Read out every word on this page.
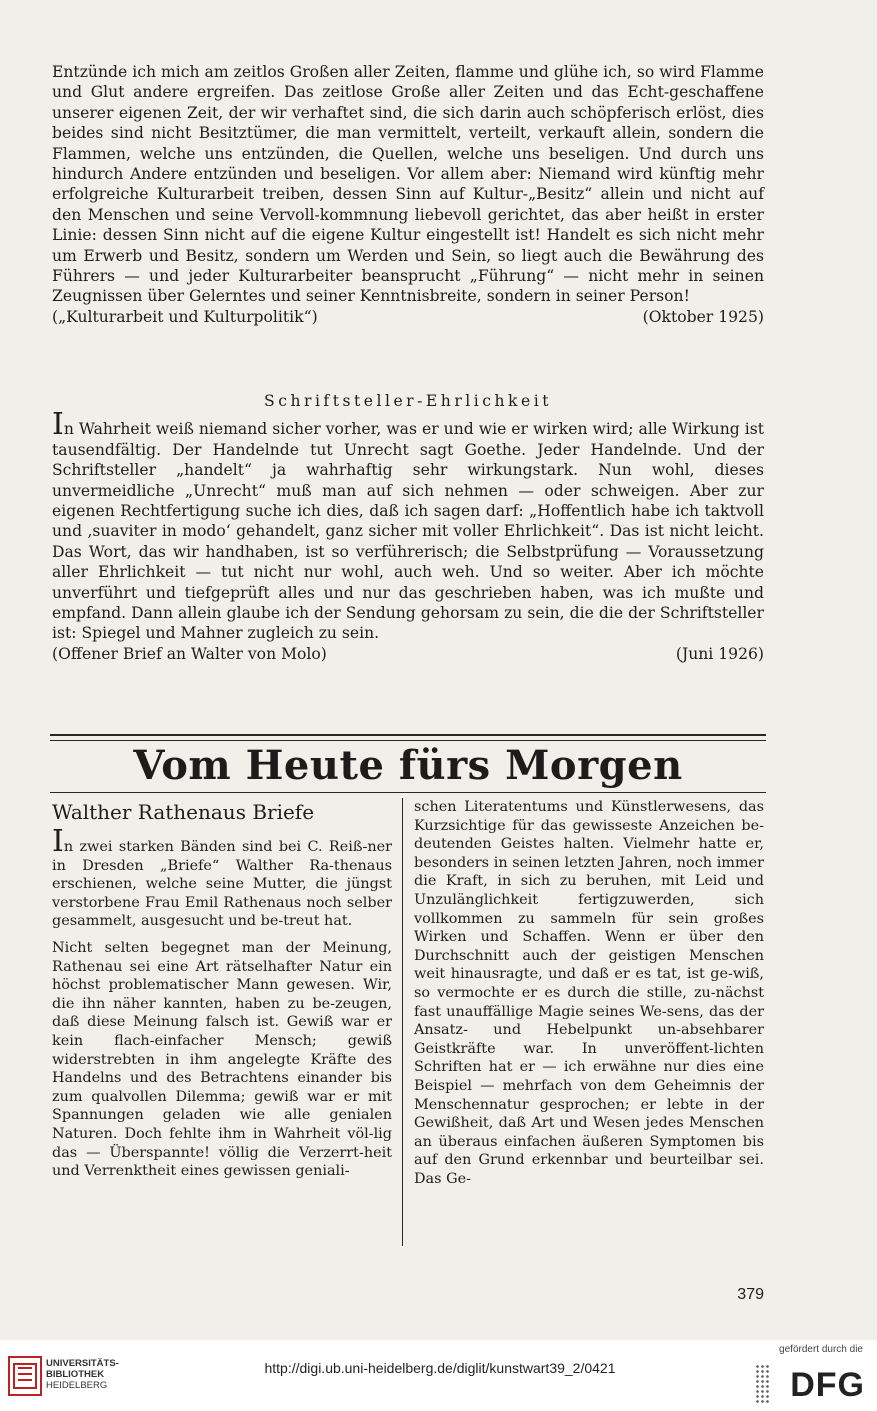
Entzünde ich mich am zeitlos Großen aller Zeiten, flamme und glühe ich, so wird Flamme und Glut andere ergreifen. Das zeitlose Große aller Zeiten und das Echt-geschaffene unserer eigenen Zeit, der wir verhaftet sind, die sich darin auch schöpferisch erlöst, dies beides sind nicht Besitztümer, die man vermittelt, verteilt, verkauft allein, sondern die Flammen, welche uns entzünden, die Quellen, welche uns beseligen. Und durch uns hindurch Andere entzünden und beseligen. Vor allem aber: Niemand wird künftig mehr erfolgreiche Kulturarbeit treiben, dessen Sinn auf Kultur-„Besitz“ allein und nicht auf den Menschen und seine Vervoll-kommnung liebevoll gerichtet, das aber heißt in erster Linie: dessen Sinn nicht auf die eigene Kultur eingestellt ist! Handelt es sich nicht mehr um Erwerb und Besitz, sondern um Werden und Sein, so liegt auch die Bewährung des Führers — und jeder Kulturarbeiter beansprucht „Führung“ — nicht mehr in seinen Zeugnissen über Gelerntes und seiner Kenntnisbreite, sondern in seiner Person!

(„Kulturarbeit und Kulturpolitik“)	(Oktober 1925)
Schriftsteller-Ehrlichkeit

In Wahrheit weiß niemand sicher vorher, was er und wie er wirken wird; alle Wirkung ist tausendfältig. Der Handelnde tut Unrecht sagt Goethe. Jeder Handelnde. Und der Schriftsteller „handelt“ ja wahrhaftig sehr wirkungstark. Nun wohl, dieses unvermeidliche „Unrecht“ muß man auf sich nehmen — oder schweigen. Aber zur eigenen Rechtfertigung suche ich dies, daß ich sagen darf: „Hoffentlich habe ich taktvoll und ‚suaviter in modo‘ gehandelt, ganz sicher mit voller Ehrlichkeit“. Das ist nicht leicht. Das Wort, das wir handhaben, ist so verführerisch; die Selbstprüfung — Voraussetzung aller Ehrlichkeit — tut nicht nur wohl, auch weh. Und so weiter. Aber ich möchte unverführt und tiefgeprüft alles und nur das geschrieben haben, was ich mußte und empfand. Dann allein glaube ich der Sendung gehorsam zu sein, die die der Schriftsteller ist: Spiegel und Mahner zugleich zu sein.

(Offener Brief an Walter von Molo)	(Juni 1926)
Vom Heute fürs Morgen
Walther Rathenaus Briefe

In zwei starken Bänden sind bei C. Reiß-ner in Dresden „Briefe“ Walther Ra-thenaus erschienen, welche seine Mutter, die jüngst verstorbene Frau Emil Rathenaus noch selber gesammelt, ausgesucht und be-treut hat.

Nicht selten begegnet man der Meinung, Rathenau sei eine Art rätselhafter Natur ein höchst problematischer Mann gewesen. Wir, die ihn näher kannten, haben zu be-zeugen, daß diese Meinung falsch ist. Gewiß war er kein flach-einfacher Mensch; gewiß widerstrebten in ihm angelegte Kräfte des Handelns und des Betrachtens einander bis zum qualvollen Dilemma; gewiß war er mit Spannungen geladen wie alle genialen Naturen. Doch fehlte ihm in Wahrheit völ-lig das — Überspannte! völlig die Verzerrt-heit und Verrenktheit eines gewissen geniali-

schen Literatentums und Künstlerwesens, das Kurzsichtige für das gewisseste Anzeichen be-deutenden Geistes halten. Vielmehr hatte er, besonders in seinen letzten Jahren, noch immer die Kraft, in sich zu beruhen, mit Leid und Unzulänglichkeit fertigzuwerden, sich vollkommen zu sammeln für sein großes Wirken und Schaffen. Wenn er über den Durchschnitt auch der geistigen Menschen weit hinausragte, und daß er es tat, ist ge-wiß, so vermochte er es durch die stille, zu-nächst fast unauffällige Magie seines We-sens, das der Ansatz- und Hebelpunkt un-absehbarer Geistkräfte war. In unveröffent-lichten Schriften hat er — ich erwähne nur dies eine Beispiel — mehrfach von dem Geheimnis der Menschennatur gesprochen; er lebte in der Gewißheit, daß Art und Wesen jedes Menschen an überaus einfachen äußeren Symptomen bis auf den Grund erkennbar und beurteilbar sei. Das Ge-

379
UNIVERSITÄTS-
BIBLIOTHEK
HEIDELBERG
http://digi.ub.uni-heidelberg.de/diglit/kunstwart39_2/0421
gefördert durch die
DFG
